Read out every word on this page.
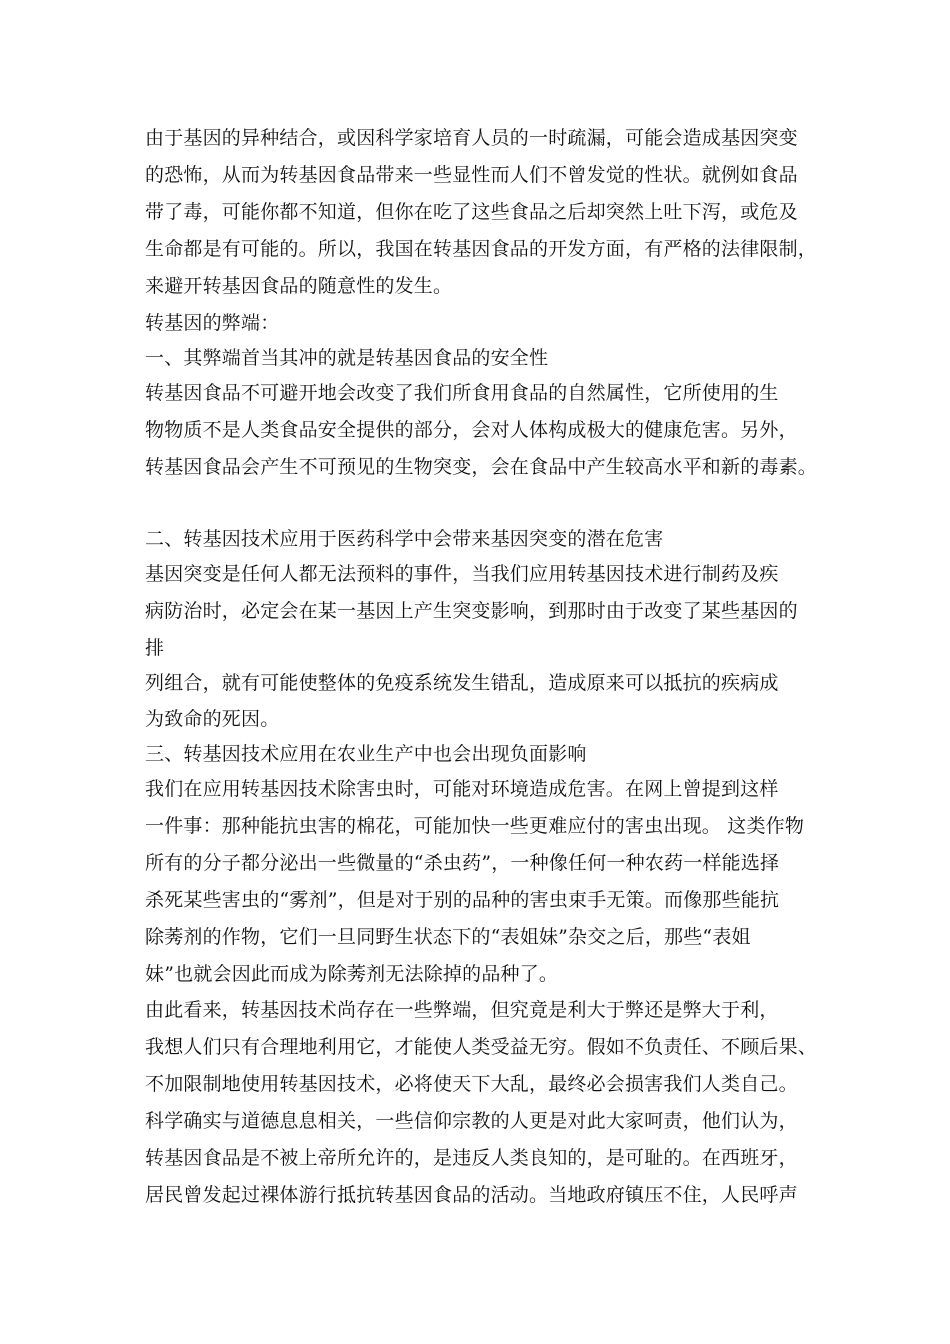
由于基因的异种结合，或因科学家培育人员的一时疏漏，可能会造成基因突变
的恐怖，从而为转基因食品带来一些显性而人们不曾发觉的性状。就例如食品
带了毒，可能你都不知道，但你在吃了这些食品之后却突然上吐下泻，或危及
生命都是有可能的。所以，我国在转基因食品的开发方面，有严格的法律限制，
来避开转基因食品的随意性的发生。
转基因的弊端：
一、其弊端首当其冲的就是转基因食品的安全性
转基因食品不可避开地会改变了我们所食用食品的自然属性，它所使用的生
物物质不是人类食品安全提供的部分，会对人体构成极大的健康危害。另外，
转基因食品会产生不可预见的生物突变，会在食品中产生较高水平和新的毒素。
二、转基因技术应用于医药科学中会带来基因突变的潜在危害
基因突变是任何人都无法预料的事件，当我们应用转基因技术进行制药及疾
病防治时，必定会在某一基因上产生突变影响，到那时由于改变了某些基因的
排
列组合，就有可能使整体的免疫系统发生错乱，造成原来可以抵抗的疾病成
为致命的死因。
三、转基因技术应用在农业生产中也会出现负面影响
我们在应用转基因技术除害虫时，可能对环境造成危害。在网上曾提到这样
一件事：那种能抗虫害的棉花，可能加快一些更难应付的害虫出现。 这类作物
所有的分子都分泌出一些微量的“杀虫药”，一种像任何一种农药一样能选择
杀死某些害虫的“雾剂”，但是对于别的品种的害虫束手无策。而像那些能抗
除莠剂的作物，它们一旦同野生状态下的“表姐妹”杂交之后，那些“表姐
妹”也就会因此而成为除莠剂无法除掉的品种了。
由此看来，转基因技术尚存在一些弊端，但究竟是利大于弊还是弊大于利，
我想人们只有合理地利用它，才能使人类受益无穷。假如不负责任、不顾后果、
不加限制地使用转基因技术，必将使天下大乱，最终必会损害我们人类自己。
科学确实与道德息息相关，一些信仰宗教的人更是对此大家呵责，他们认为，
转基因食品是不被上帝所允许的，是违反人类良知的，是可耻的。在西班牙，
居民曾发起过裸体游行抵抗转基因食品的活动。当地政府镇压不住，人民呼声
